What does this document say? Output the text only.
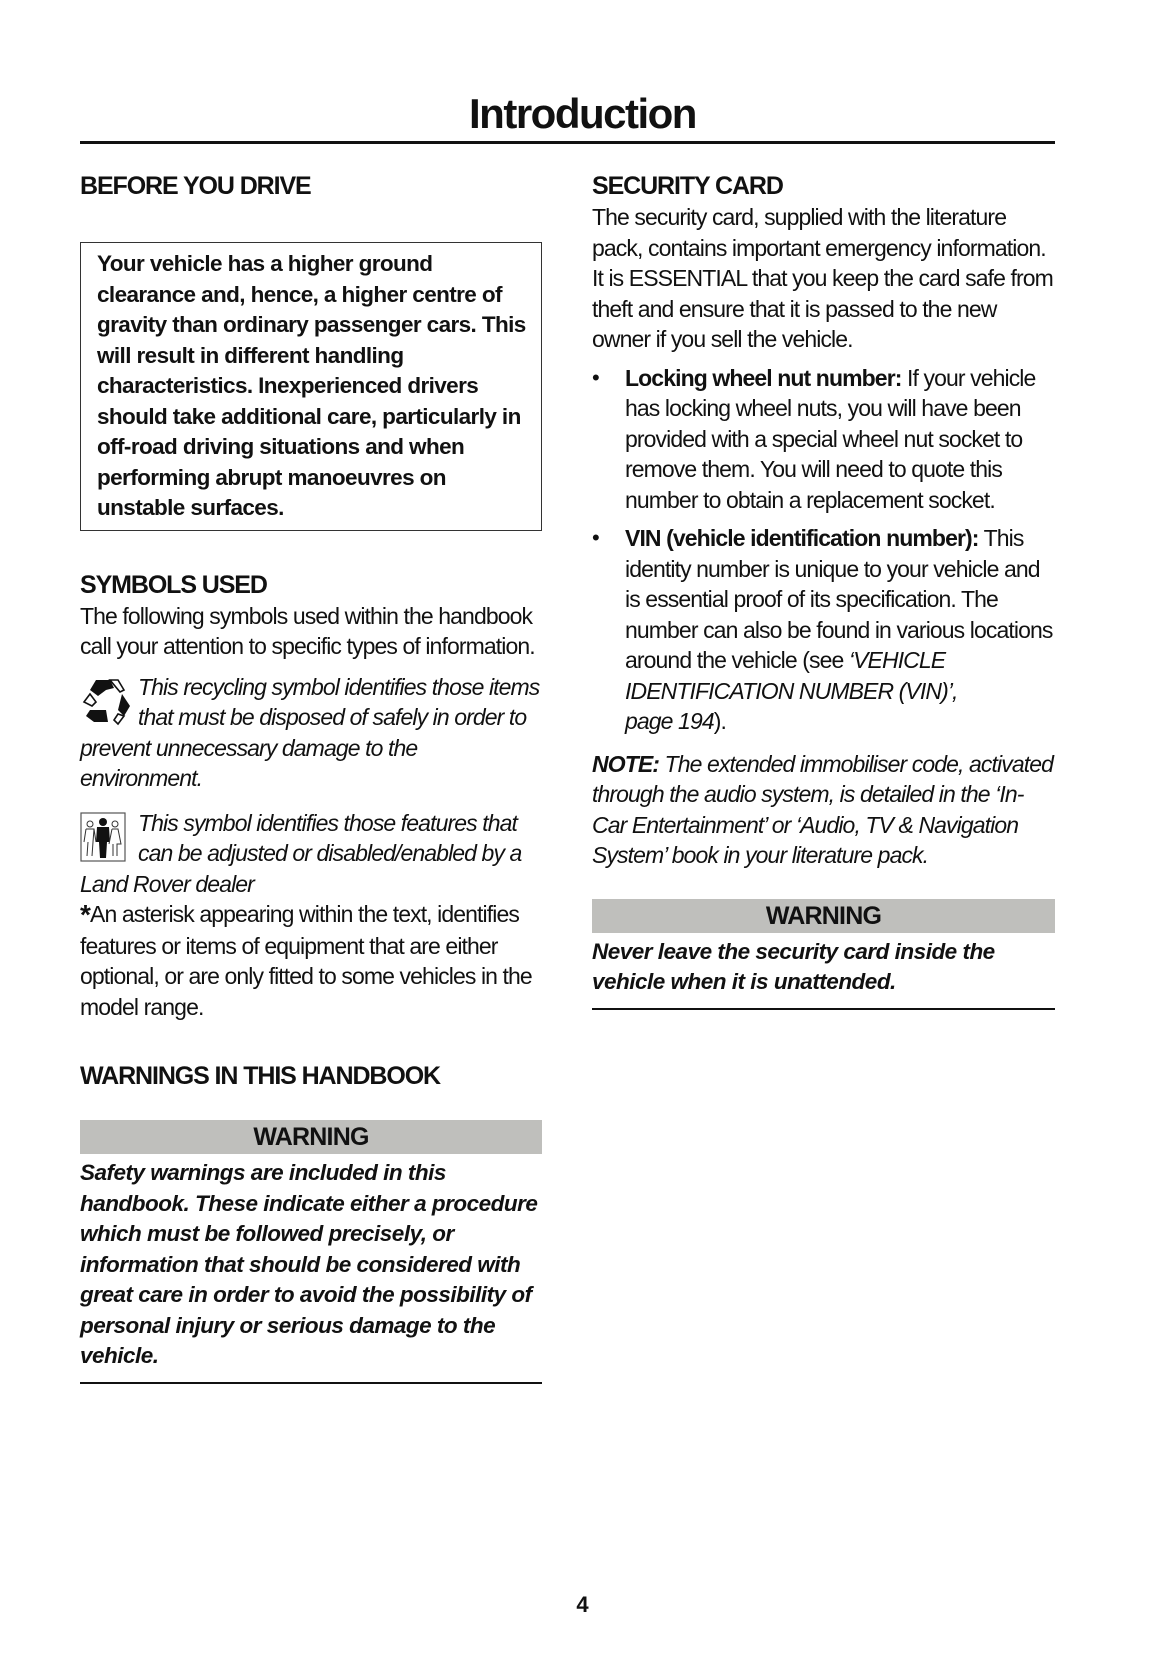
Introduction
BEFORE YOU DRIVE
Your vehicle has a higher ground clearance and, hence, a higher centre of gravity than ordinary passenger cars. This will result in different handling characteristics. Inexperienced drivers should take additional care, particularly in off-road driving situations and when performing abrupt manoeuvres on unstable surfaces.
SYMBOLS USED

The following symbols used within the handbook call your attention to specific types of information.

This recycling symbol identifies those items that must be disposed of safely in order to prevent unnecessary damage to the environment.
This symbol identifies those features that can be adjusted or disabled/enabled by a Land Rover dealer

*An asterisk appearing within the text, identifies features or items of equipment that are either optional, or are only fitted to some vehicles in the model range.

WARNINGS IN THIS HANDBOOK
WARNING
Safety warnings are included in this handbook. These indicate either a procedure which must be followed precisely, or information that should be considered with great care in order to avoid the possibility of personal injury or serious damage to the vehicle.
SECURITY CARD

The security card, supplied with the literature pack, contains important emergency information. It is ESSENTIAL that you keep the card safe from theft and ensure that it is passed to the new owner if you sell the vehicle.

• Locking wheel nut number: If your vehicle has locking wheel nuts, you will have been provided with a special wheel nut socket to remove them. You will need to quote this number to obtain a replacement socket.
• VIN (vehicle identification number): This identity number is unique to your vehicle and is essential proof of its specification. The number can also be found in various locations around the vehicle (see ‘VEHICLE IDENTIFICATION NUMBER (VIN)’,
page 194).

NOTE: The extended immobiliser code, activated through the audio system, is detailed in the ‘In-Car Entertainment’ or ‘Audio, TV & Navigation System’ book in your literature pack.

WARNING
Never leave the security card inside the vehicle when it is unattended.
4
